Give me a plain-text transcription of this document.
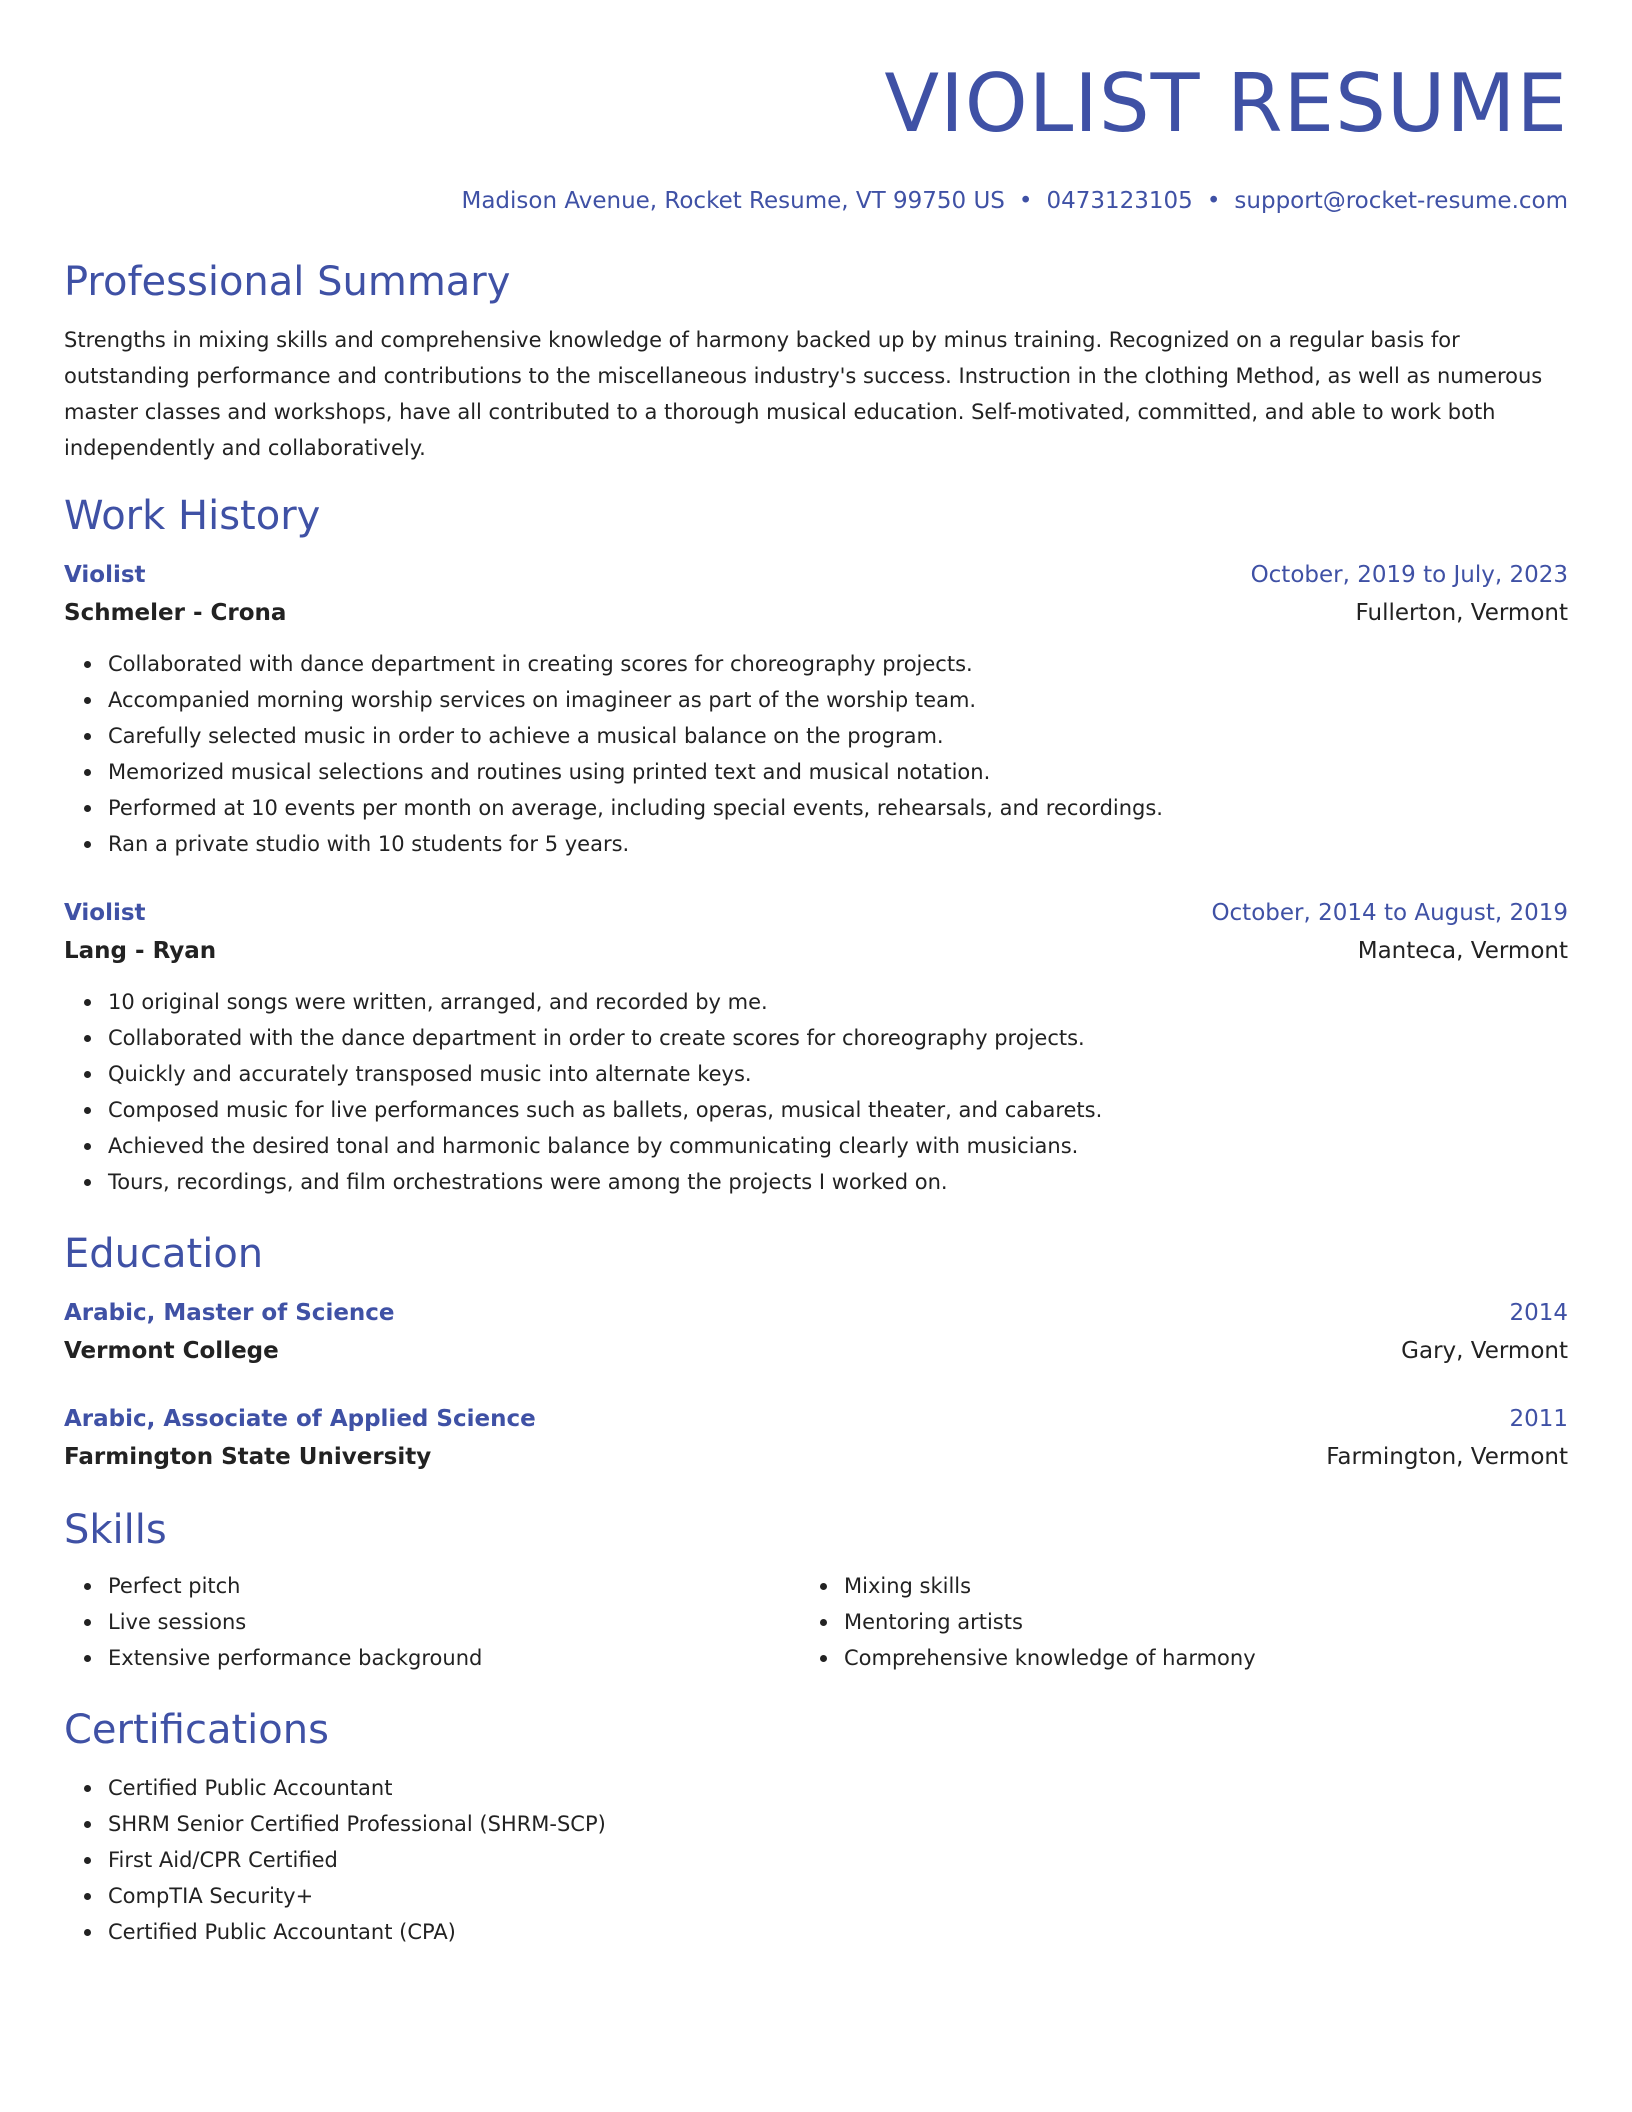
VIOLIST RESUME
Madison Avenue, Rocket Resume, VT 99750 US • 0473123105 • support@rocket-resume.com
Professional Summary

Strengths in mixing skills and comprehensive knowledge of harmony backed up by minus training. Recognized on a regular basis for outstanding performance and contributions to the miscellaneous industry's success. Instruction in the clothing Method, as well as numerous master classes and workshops, have all contributed to a thorough musical education. Self-motivated, committed, and able to work both independently and collaboratively.

Work History
Violist	October, 2019 to July, 2023
Schmeler - Crona	Fullerton, Vermont
Collaborated with dance department in creating scores for choreography projects.
Accompanied morning worship services on imagineer as part of the worship team.
Carefully selected music in order to achieve a musical balance on the program.
Memorized musical selections and routines using printed text and musical notation.
Performed at 10 events per month on average, including special events, rehearsals, and recordings.
Ran a private studio with 10 students for 5 years.
Violist	October, 2014 to August, 2019
Lang - Ryan	Manteca, Vermont
10 original songs were written, arranged, and recorded by me.
Collaborated with the dance department in order to create scores for choreography projects.
Quickly and accurately transposed music into alternate keys.
Composed music for live performances such as ballets, operas, musical theater, and cabarets.
Achieved the desired tonal and harmonic balance by communicating clearly with musicians.
Tours, recordings, and film orchestrations were among the projects I worked on.
Education
Arabic, Master of Science	2014
Vermont College	Gary, Vermont
Arabic, Associate of Applied Science	2011
Farmington State University	Farmington, Vermont
Skills
Perfect pitch
Live sessions
Extensive performance background
Mixing skills
Mentoring artists
Comprehensive knowledge of harmony
Certifications
Certified Public Accountant
SHRM Senior Certified Professional (SHRM-SCP)
First Aid/CPR Certified
CompTIA Security+
Certified Public Accountant (CPA)
